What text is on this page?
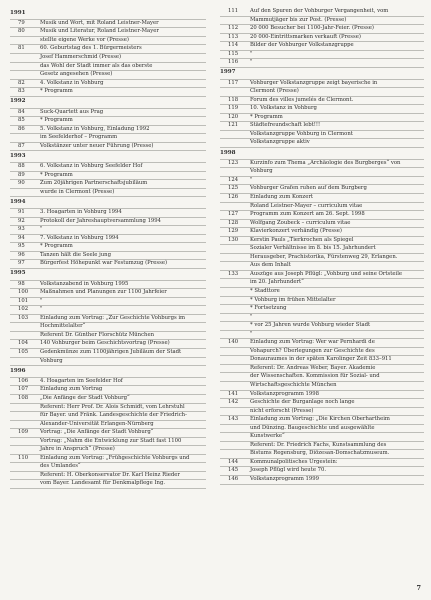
1991
79	Musik und Wort, mit Roland Leistner-Mayer
80	Musik und Literatur, Roland Leistner-Mayer
stellte eigene Werke vor (Presse)
81	60. Geburtstag des 1. Bürgermeisters
Josef Hammerschmid (Presse)
das Wohl der Stadt immer als das oberste
Gesetz angesehen (Presse)
82	4. Volkstanz in Vohburg
83	* Programm
1992
84	Suck-Quartett aus Prag
85	* Programm
86	5. Volkstanz in Vohburg, Einladung 1992
im Seefelderhof – Programm
87	Volkstänzer unter neuer Führung (Presse)
1993
88	6. Volkstanz in Vohburg Seefelder Hof
89	* Programm
90	Zum 20jährigen Partnerschaftsjubiläum
wurde in Clermont (Presse)
1994
91	3. Hoagarten in Vohburg 1994
92	Protokoll der Jahreshauptversammlung 1994
93	"
94	7. Volkstanz in Vohburg 1994
95	* Programm
96	Tanzen hält die Seele jung
97	Bürgerfest Höhepunkt war Festumzug (Presse)
1995
98	Volkstanzabend in Vohburg 1995
100	Maßnahmen und Planungen zur 1100 Jahrfeier
101	"
102	"
103	Einladung zum Vortrag: „Zur Geschichte Vohburgs im
Hochmittelalter“
Referent Dr. Günther Florschütz München
104	140 Vohburger beim Geschichtsvortrag (Presse)
105	Gedenkmünze zum 1100jährigen Jubiläum der Stadt
Vohburg
1996
106	4. Hoagarten im Seefelder Hof
107	Einladung zum Vortrag
108	„Die Anfänge der Stadt Vohburg“
Referent: Herr Prof. Dr. Alois Schmidt, vom Lehrstuhl
für Bayer. und Fränk. Landesgeschichte der Friedrich-
Alexander-Universität Erlangen-Nürnberg
109	Vortrag: „Die Anfänge der Stadt Vohburg“
Vortrag: „Nahm die Entwicklung zur Stadt fast 1100
Jahre in Anspruch“ (Presse)
110	Einladung zum Vortrag: „Frühgeschichte Vohburgs und
des Umlandes“
Referent: H. Oberkonservator Dr. Karl Heinz Rieder
vom Bayer. Landesamt für Denkmalpflege Ing.
111	Auf den Spuren der Vohburger Vergangenheit, vom
Mammutjäger bis zur Post. (Presse)
112	20 000 Besucher bei 1100-Jahr-Feier. (Presse)
113	20 000-Eintrittsmarken verkauft (Presse)
114	Bilder der Vohburger Volkstanzgruppe
115	"
116	"
1997
117	Vohburger Volkstanzgruppe zeigt bayerische in
Clermont (Presse)
118	Forum des villes jumelés de Clermont.
119	10. Volkstanz in Vohburg
120	* Programm
121	Städtefreundschaft lebt!!!
Volkstanzgruppe Vohburg in Clermont
Volkstanzgruppe aktiv
1998
123	Kurzinfo zum Thema „Archäologie des Burgberges“ von
Vohburg
124	"
125	Vohburger Grafen ruhen auf dem Burgberg
126	Einladung zum Konzert
Roland Leistner-Mayer – curriculum vitae
127	Programm zum Konzert am 26. Sept. 1998
128	Wolfgang Zoubeck – curriculum vitae
129	Klavierkonzert verhändig (Presse)
130	Kerstin Pauls „Tierkrochen als Spiegel
Sozialer Verhältnisse im 8. bis 15. Jahrhundert
Herausgeber, Prachistorika, Fürstenweg 29, Erlangen.
Aus dem Inhalt
133	Auszüge aus Joseph Pflügl: „Vohburg und seine Ortsteile
im 20. Jahrhundert“
* Stadttore
* Vohburg im frühen Mittelalter
* Fortsetzung
"
* vor 25 Jahren wurde Vohburg wieder Stadt
"
140	Einladung zum Vortrag: Wer war Pernhardi de
Vohapurch? Überlegungen zur Geschichte des
Donauraumes in der späten Karolinger Zeit 833–911
Referent: Dr. Andreas Weber, Bayer. Akademie
der Wissenschaften. Kommission für Sozial- und
Wirtschaftsgeschichte München
141	Volkstanzprogramm 1998
142	Geschichte der Burganlage noch lange
nicht erforscht (Presse)
143	Einladung zum Vortrag: „Die Kirchen Oberhartheim
und Dünzing. Baugeschichte und ausgewählte
Kunstwerke“
Referent: Dr. Friedrich Fachs, Kunstsammlung des
Bistums Regensburg, Diözesan-Domschatzmuseum.
144	Kommunalpolitisches Urgestein:
145	Joseph Pflügl wird heute 70.
146	Volkstanzprogramm 1999
7
